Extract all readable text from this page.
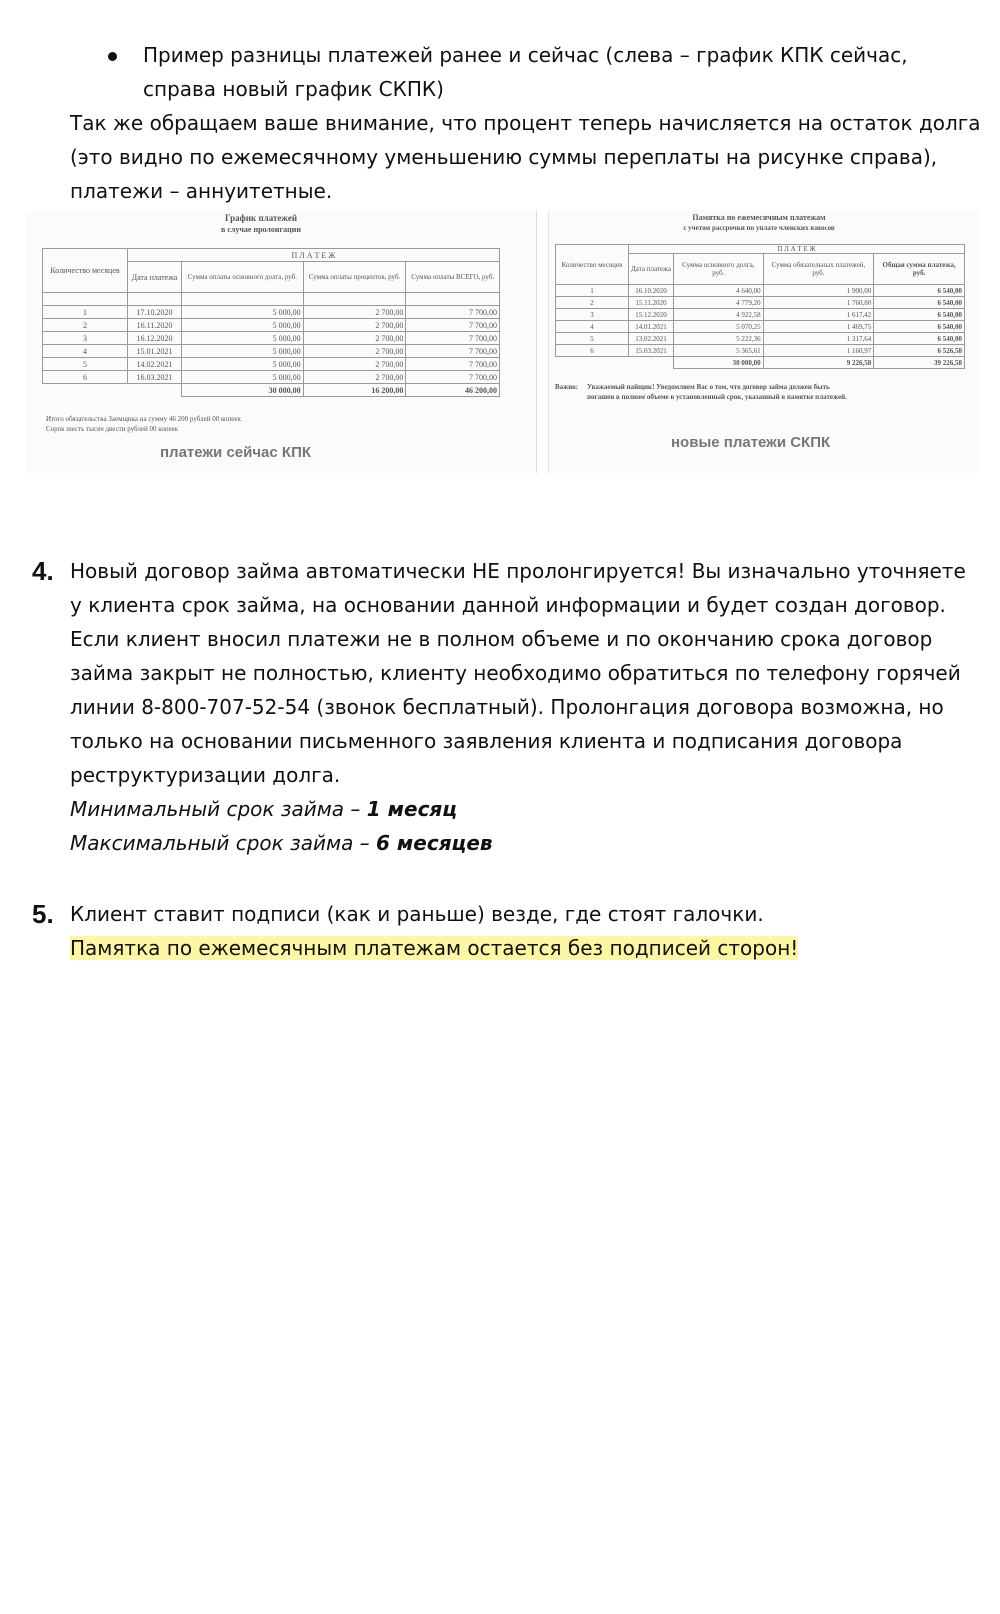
Пример разницы платежей ранее и сейчас (слева – график КПК сейчас,
справа новый график СКПК)
Так же обращаем ваше внимание, что процент теперь начисляется на остаток долга
(это видно по ежемесячному уменьшению суммы переплаты на рисунке справа),
платежи – аннуитетные.
График платежей
в случае пролонгации
Количество месяцев	П Л А Т Е Ж			
	Дата платежа	Сумма оплаты основного долга, руб.	Сумма оплаты процентов, руб.	Сумма оплаты ВСЕГО, руб.

1	17.10.2020	5 000,00	2 700,00	7 700,00
2	16.11.2020	5 000,00	2 700,00	7 700,00
3	16.12.2020	5 000,00	2 700,00	7 700,00
4	15.01.2021	5 000,00	2 700,00	7 700,00
5	14.02.2021	5 000,00	2 700,00	7 700,00
6	16.03.2021	5 000,00	2 700,00	7 700,00
		30 000,00	16 200,00	46 200,00
Итого обязательства Заемщика на сумму 46 200 рублей 00 копеек
Сорок шесть тысяч двести рублей 00 копеек
платежи сейчас КПК
Памятка по ежемесячным платежам
с учетом рассрочки по уплате членских взносов
Количество месяцев	П Л А Т Е Ж			
	Дата платежа	Сумма основного долга, руб.	Сумма обязательных платежей, руб.	Общая сумма платежа, руб.
1	16.10.2020	4 640,00	1 900,00	6 540,00
2	15.11.2020	4 779,20	1 760,80	6 540,00
3	15.12.2020	4 922,58	1 617,42	6 540,00
4	14.01.2021	5 070,25	1 469,75	6 540,00
5	13.02.2021	5 222,36	1 317,64	6 540,00
6	15.03.2021	5 365,61	1 160,97	6 526,58
		30 000,00	9 226,58	39 226,58
Важно: Уважаемый пайщик! Уведомляем Вас о том, что договор займа должен быть
погашен в полном объеме в установленный срок, указанный в памятке платежей.
новые платежи СКПК
4. Новый договор займа автоматически НЕ пролонгируется! Вы изначально уточняете
у клиента срок займа, на основании данной информации и будет создан договор.
Если клиент вносил платежи не в полном объеме и по окончанию срока договор
займа закрыт не полностью, клиенту необходимо обратиться по телефону горячей
линии 8-800-707-52-54 (звонок бесплатный). Пролонгация договора возможна, но
только на основании письменного заявления клиента и подписания договора
реструктуризации долга.
Минимальный срок займа – 1 месяц
Максимальный срок займа – 6 месяцев
5. Клиент ставит подписи (как и раньше) везде, где стоят галочки.
Памятка по ежемесячным платежам остается без подписей сторон!
